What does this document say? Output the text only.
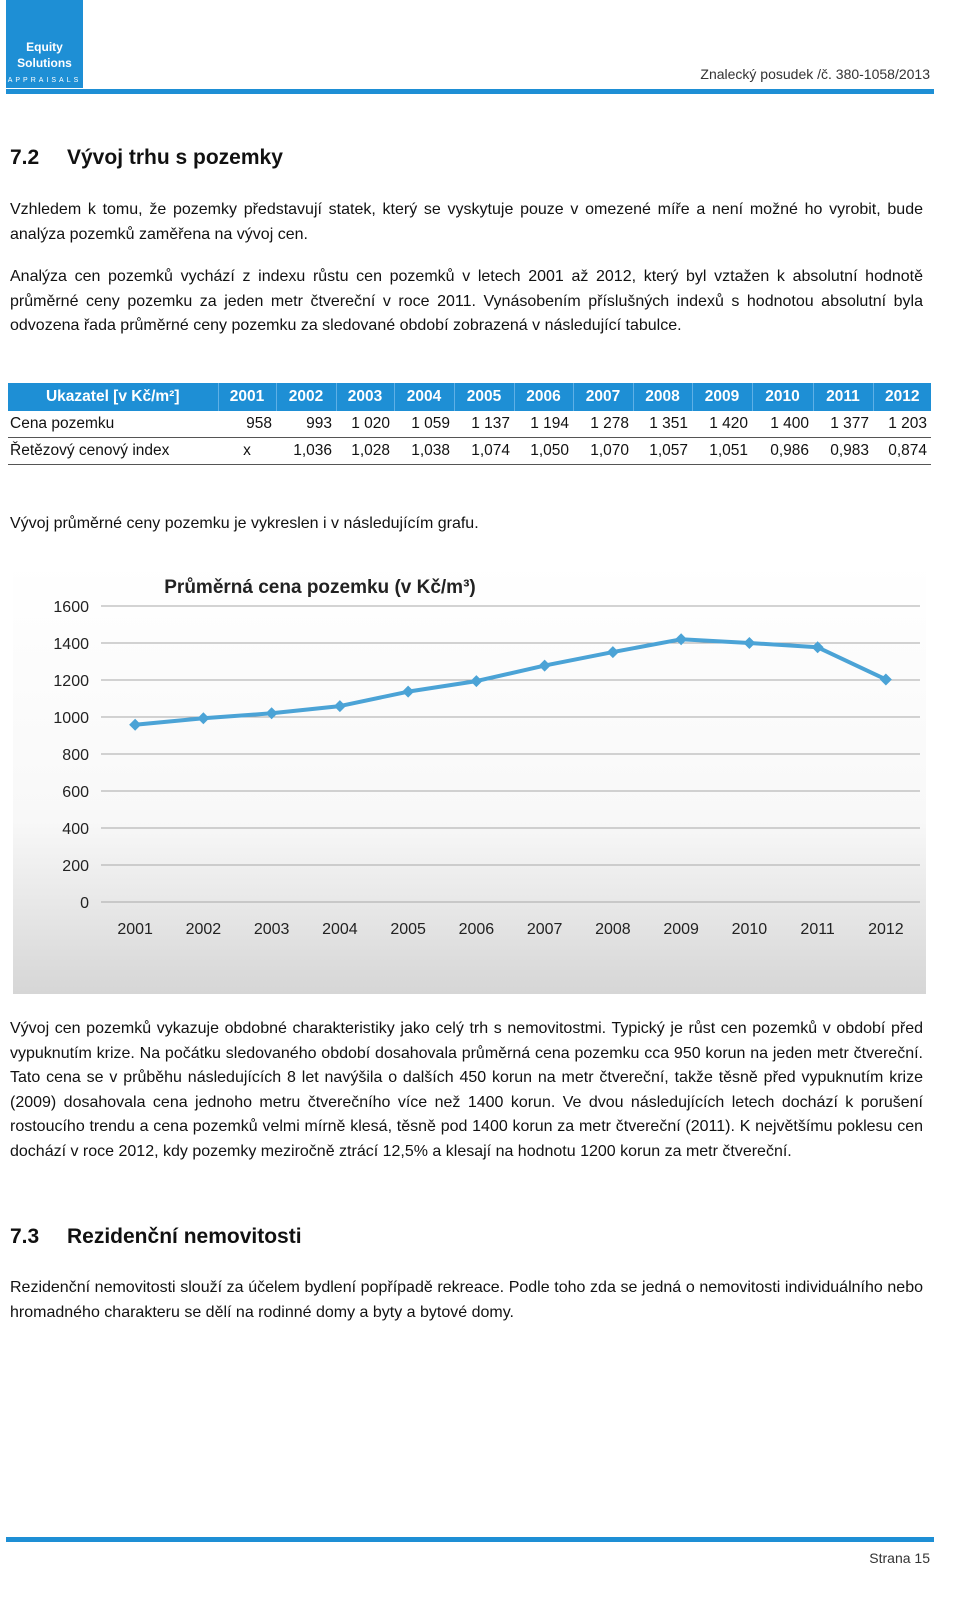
Equity
Solutions
APPRAISALS	Znalecký posudek /č. 380-1058/2013
7.2 Vývoj trhu s pozemky
Vzhledem k tomu, že pozemky představují statek, který se vyskytuje pouze v omezené míře a není možné ho vyrobit, bude analýza pozemků zaměřena na vývoj cen.
Analýza cen pozemků vychází z indexu růstu cen pozemků v letech 2001 až 2012, který byl vztažen k absolutní hodnotě průměrné ceny pozemku za jeden metr čtvereční v roce 2011. Vynásobením příslušných indexů s hodnotou absolutní byla odvozena řada průměrné ceny pozemku za sledované období zobrazená v následující tabulce.
Ukazatel [v Kč/m²]	2001	2002	2003	2004	2005	2006	2007	2008	2009	2010	2011	2012
Cena pozemku	958	993	1 020	1 059	1 137	1 194	1 278	1 351	1 420	1 400	1 377	1 203
Řetězový cenový index	x	1,036	1,028	1,038	1,074	1,050	1,070	1,057	1,051	0,986	0,983	0,874
Vývoj průměrné ceny pozemku je vykreslen i v následujícím grafu.
Průměrná cena pozemku (v Kč/m³)
0
200
400
600
800
1000
1200
1400
1600
2001 2002 2003 2004 2005 2006 2007 2008 2009 2010 2011 2012
Vývoj cen pozemků vykazuje obdobné charakteristiky jako celý trh s nemovitostmi. Typický je růst cen pozemků v období před vypuknutím krize. Na počátku sledovaného období dosahovala průměrná cena pozemku cca 950 korun na jeden metr čtvereční. Tato cena se v průběhu následujících 8 let navýšila o dalších 450 korun na metr čtvereční, takže těsně před vypuknutím krize (2009) dosahovala cena jednoho metru čtverečního více než 1400 korun. Ve dvou následujících letech dochází k porušení rostoucího trendu a cena pozemků velmi mírně klesá, těsně pod 1400 korun za metr čtvereční (2011). K největšímu poklesu cen dochází v roce 2012, kdy pozemky meziročně ztrácí 12,5% a klesají na hodnotu 1200 korun za metr čtvereční.
7.3 Rezidenční nemovitosti
Rezidenční nemovitosti slouží za účelem bydlení popřípadě rekreace. Podle toho zda se jedná o nemovitosti individuálního nebo hromadného charakteru se dělí na rodinné domy a byty a bytové domy.
Strana 15
